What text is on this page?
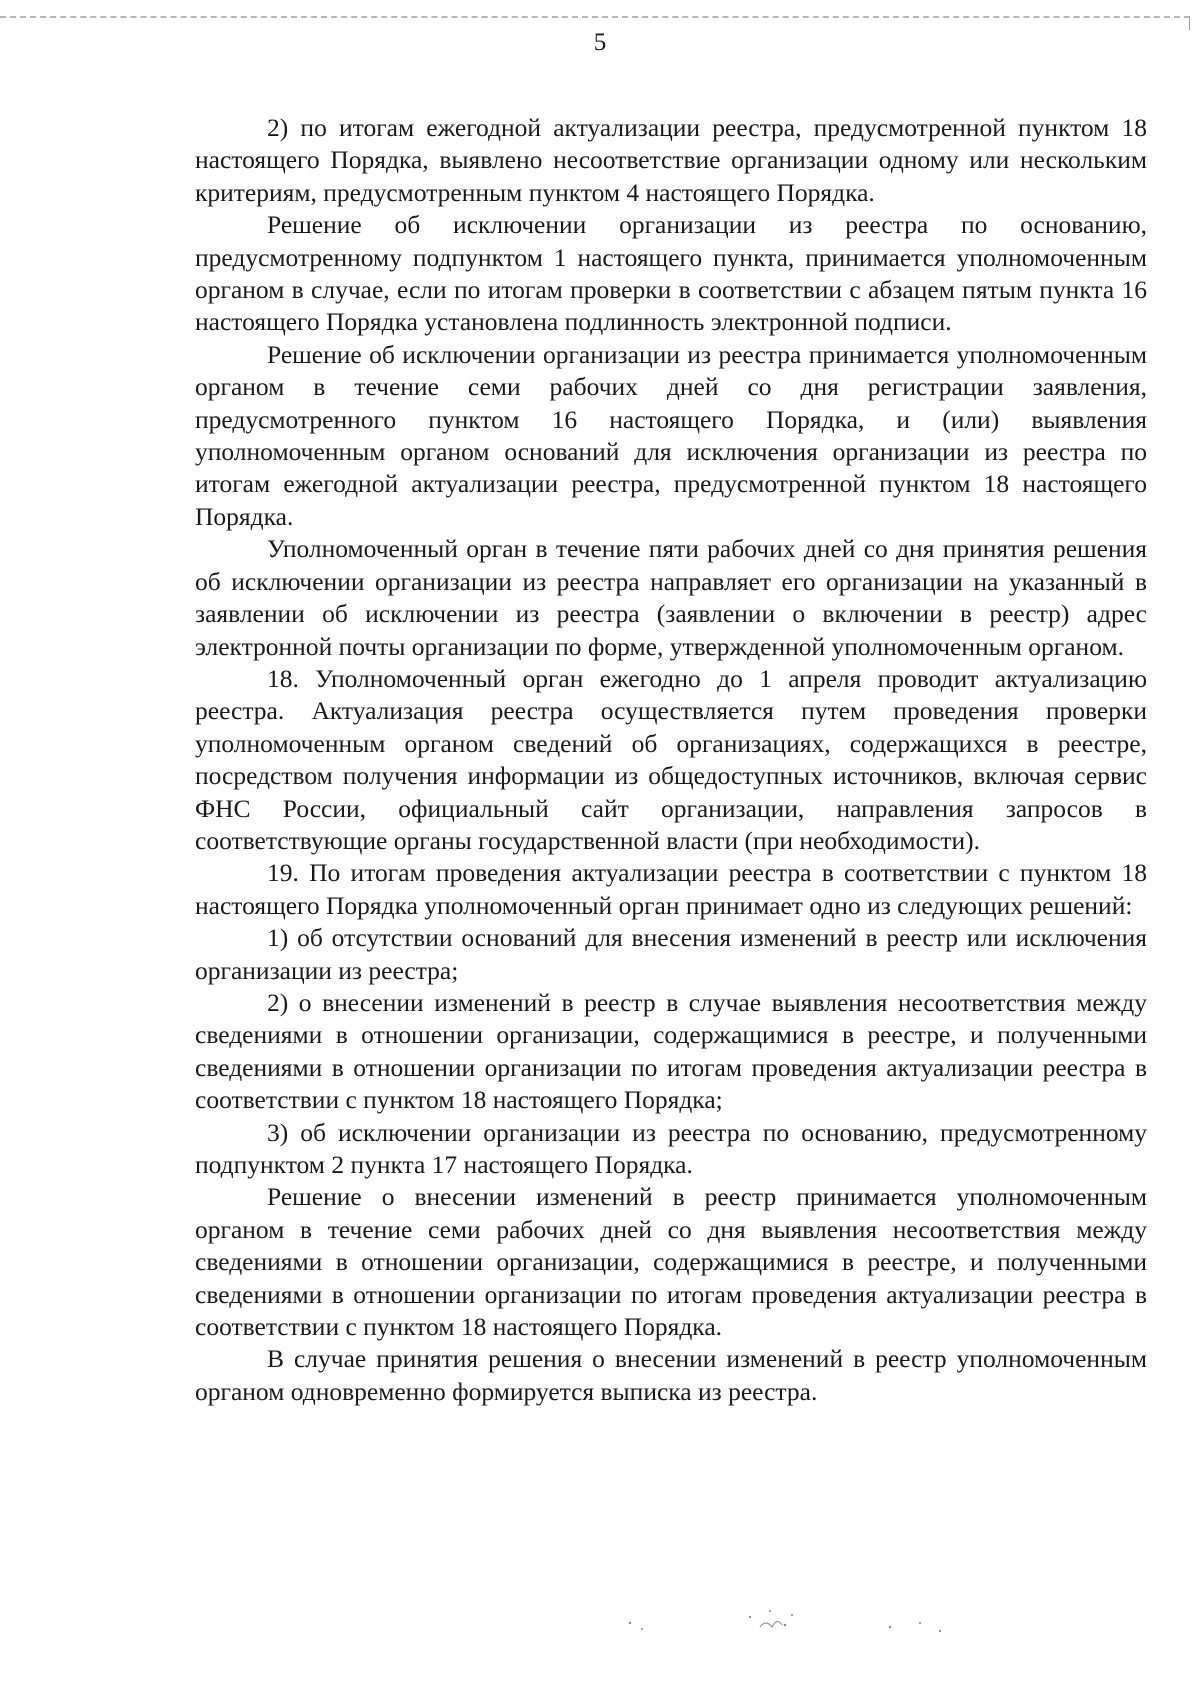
5

2) по итогам ежегодной актуализации реестра, предусмотренной пунктом 18 настоящего Порядка, выявлено несоответствие организации одному или нескольким критериям, предусмотренным пунктом 4 настоящего Порядка.

Решение об исключении организации из реестра по основанию, предусмотренному подпунктом 1 настоящего пункта, принимается уполномоченным органом в случае, если по итогам проверки в соответствии с абзацем пятым пункта 16 настоящего Порядка установлена подлинность электронной подписи.

Решение об исключении организации из реестра принимается уполномоченным органом в течение семи рабочих дней со дня регистрации заявления, предусмотренного пунктом 16 настоящего Порядка, и (или) выявления уполномоченным органом оснований для исключения организации из реестра по итогам ежегодной актуализации реестра, предусмотренной пунктом 18 настоящего Порядка.

Уполномоченный орган в течение пяти рабочих дней со дня принятия решения об исключении организации из реестра направляет его организации на указанный в заявлении об исключении из реестра (заявлении о включении в реестр) адрес электронной почты организации по форме, утвержденной уполномоченным органом.

18. Уполномоченный орган ежегодно до 1 апреля проводит актуализацию реестра. Актуализация реестра осуществляется путем проведения проверки уполномоченным органом сведений об организациях, содержащихся в реестре, посредством получения информации из общедоступных источников, включая сервис ФНС России, официальный сайт организации, направления запросов в соответствующие органы государственной власти (при необходимости).

19. По итогам проведения актуализации реестра в соответствии с пунктом 18 настоящего Порядка уполномоченный орган принимает одно из следующих решений:

1) об отсутствии оснований для внесения изменений в реестр или исключения организации из реестра;

2) о внесении изменений в реестр в случае выявления несоответствия между сведениями в отношении организации, содержащимися в реестре, и полученными сведениями в отношении организации по итогам проведения актуализации реестра в соответствии с пунктом 18 настоящего Порядка;

3) об исключении организации из реестра по основанию, предусмотренному подпунктом 2 пункта 17 настоящего Порядка.

Решение о внесении изменений в реестр принимается уполномоченным органом в течение семи рабочих дней со дня выявления несоответствия между сведениями в отношении организации, содержащимися в реестре, и полученными сведениями в отношении организации по итогам проведения актуализации реестра в соответствии с пунктом 18 настоящего Порядка.

В случае принятия решения о внесении изменений в реестр уполномоченным органом одновременно формируется выписка из реестра.
